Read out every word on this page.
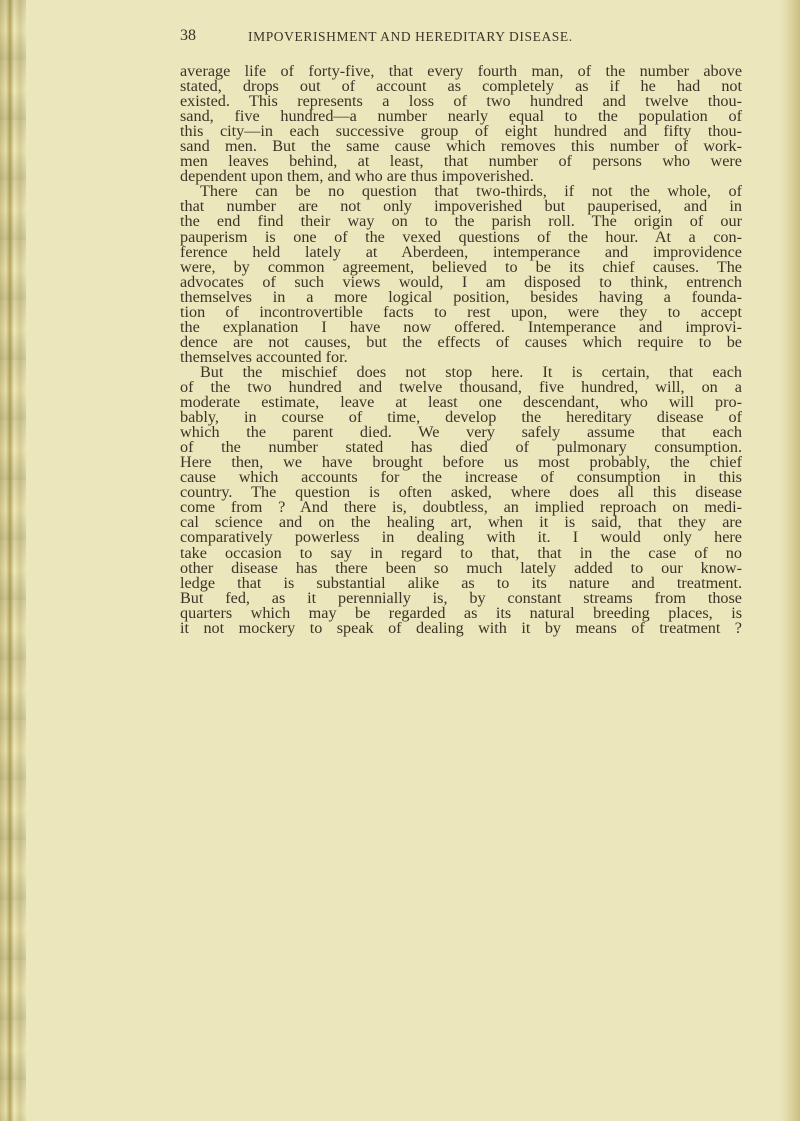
38	IMPOVERISHMENT AND HEREDITARY DISEASE.
average life of forty-five, that every fourth man, of the number above
stated, drops out of account as completely as if he had not
existed. This represents a loss of two hundred and twelve thou-
sand, five hundred—a number nearly equal to the population of
this city—in each successive group of eight hundred and fifty thou-
sand men. But the same cause which removes this number of work-
men leaves behind, at least, that number of persons who were
dependent upon them, and who are thus impoverished.
There can be no question that two-thirds, if not the whole, of
that number are not only impoverished but pauperised, and in
the end find their way on to the parish roll. The origin of our
pauperism is one of the vexed questions of the hour. At a con-
ference held lately at Aberdeen, intemperance and improvidence
were, by common agreement, believed to be its chief causes. The
advocates of such views would, I am disposed to think, entrench
themselves in a more logical position, besides having a founda-
tion of incontrovertible facts to rest upon, were they to accept
the explanation I have now offered. Intemperance and improvi-
dence are not causes, but the effects of causes which require to be
themselves accounted for.
But the mischief does not stop here. It is certain, that each
of the two hundred and twelve thousand, five hundred, will, on a
moderate estimate, leave at least one descendant, who will pro-
bably, in course of time, develop the hereditary disease of
which the parent died. We very safely assume that each
of the number stated has died of pulmonary consumption.
Here then, we have brought before us most probably, the chief
cause which accounts for the increase of consumption in this
country. The question is often asked, where does all this disease
come from ? And there is, doubtless, an implied reproach on medi-
cal science and on the healing art, when it is said, that they are
comparatively powerless in dealing with it. I would only here
take occasion to say in regard to that, that in the case of no
other disease has there been so much lately added to our know-
ledge that is substantial alike as to its nature and treatment.
But fed, as it perennially is, by constant streams from those
quarters which may be regarded as its natural breeding places, is
it not mockery to speak of dealing with it by means of treatment ?
